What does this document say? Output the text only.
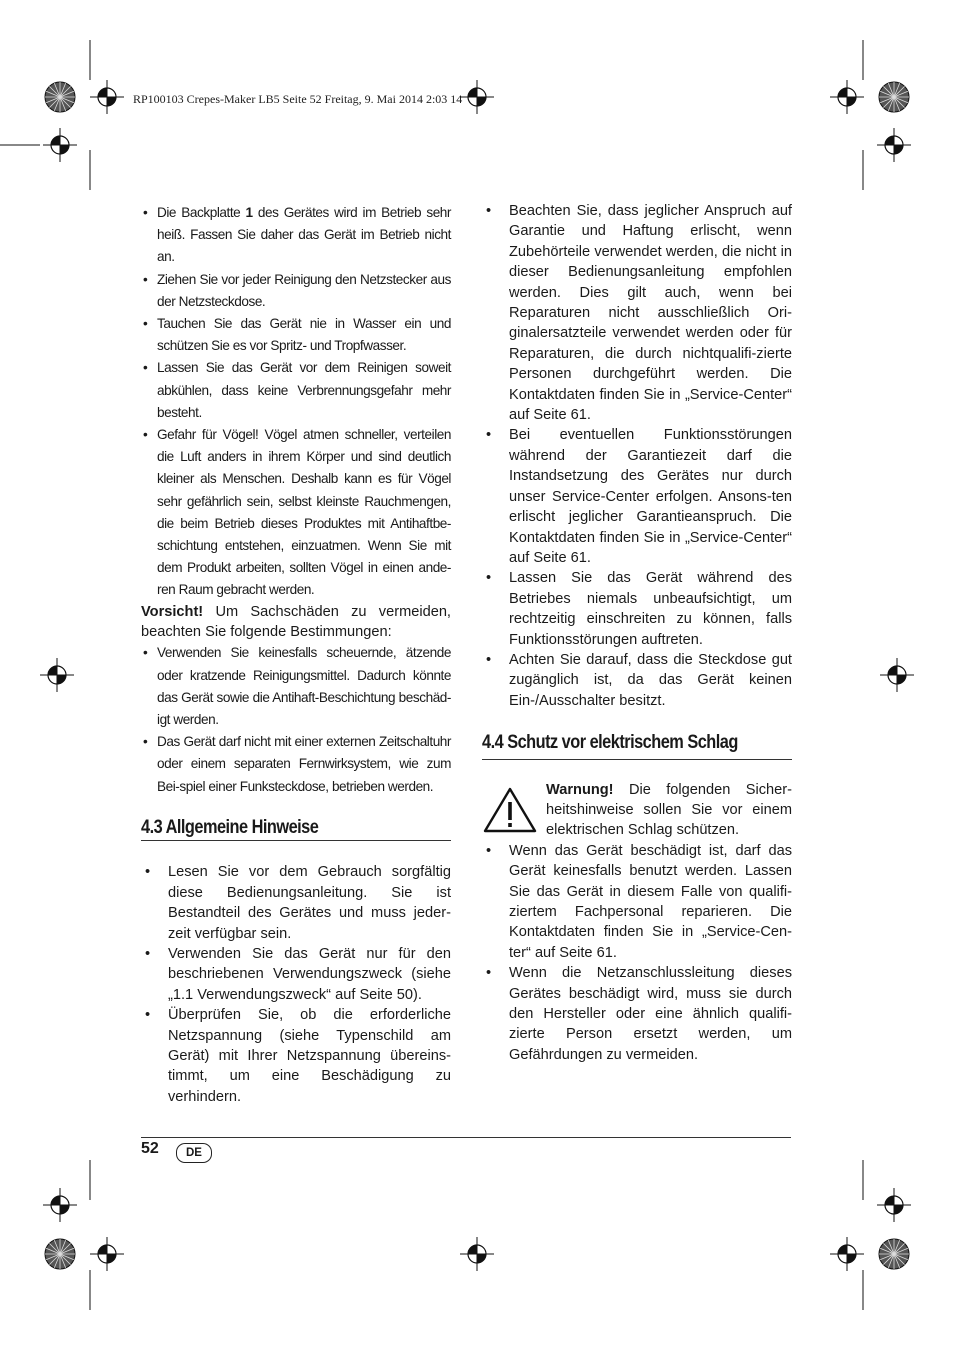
RP100103 Crepes-Maker LB5 Seite 52 Freitag, 9. Mai 2014 2:03 14
• Die Backplatte 1 des Gerätes wird im Betrieb sehr heiß. Fassen Sie daher das Gerät im Betrieb nicht an.
• Ziehen Sie vor jeder Reinigung den Netzstecker aus der Netzsteckdose.
• Tauchen Sie das Gerät nie in Wasser ein und schützen Sie es vor Spritz- und Tropfwasser.
• Lassen Sie das Gerät vor dem Reinigen soweit abkühlen, dass keine Verbrennungsgefahr mehr besteht.
• Gefahr für Vögel! Vögel atmen schneller, verteilen die Luft anders in ihrem Körper und sind deutlich kleiner als Menschen. Deshalb kann es für Vögel sehr gefährlich sein, selbst kleinste Rauchmengen, die beim Betrieb dieses Produktes mit Antihaftbe-schichtung entstehen, einzuatmen. Wenn Sie mit dem Produkt arbeiten, sollten Vögel in einen ande-ren Raum gebracht werden.

Vorsicht! Um Sachschäden zu vermeiden, beachten Sie folgende Bestimmungen:

• Verwenden Sie keinesfalls scheuernde, ätzende oder kratzende Reinigungsmittel. Dadurch könnte das Gerät sowie die Antihaft-Beschichtung beschäd-igt werden.
• Das Gerät darf nicht mit einer externen Zeitschaltuhr oder einem separaten Fernwirksystem, wie zum Bei-spiel einer Funksteckdose, betrieben werden.
4.3 Allgemeine Hinweise
• Lesen Sie vor dem Gebrauch sorgfältig diese Bedienungsanleitung. Sie ist Bestandteil des Gerätes und muss jeder-zeit verfügbar sein.
• Verwenden Sie das Gerät nur für den beschriebenen Verwendungszweck (siehe „1.1 Verwendungszweck“ auf Seite 50).
• Überprüfen Sie, ob die erforderliche Netzspannung (siehe Typenschild am Gerät) mit Ihrer Netzspannung übereins-timmt, um eine Beschädigung zu verhindern.
• Beachten Sie, dass jeglicher Anspruch auf Garantie und Haftung erlischt, wenn Zubehörteile verwendet werden, die nicht in dieser Bedienungsanleitung empfohlen werden. Dies gilt auch, wenn bei Reparaturen nicht ausschließlich Ori-ginalersatzteile verwendet werden oder für Reparaturen, die durch nichtqualifi-zierte Personen durchgeführt werden. Die Kontaktdaten finden Sie in „Service-Center“ auf Seite 61.
• Bei eventuellen Funktionsstörungen während der Garantiezeit darf die Instandsetzung des Gerätes nur durch unser Service-Center erfolgen. Ansons-ten erlischt jeglicher Garantieanspruch. Die Kontaktdaten finden Sie in „Service-Center“ auf Seite 61.
• Lassen Sie das Gerät während des Betriebes niemals unbeaufsichtigt, um rechtzeitig einschreiten zu können, falls Funktionsstörungen auftreten.
• Achten Sie darauf, dass die Steckdose gut zugänglich ist, da das Gerät keinen Ein-/Ausschalter besitzt.
4.4 Schutz vor elektrischem Schlag
Warnung! Die folgenden Sicher-heitshinweise sollen Sie vor einem elektrischen Schlag schützen.
• Wenn das Gerät beschädigt ist, darf das Gerät keinesfalls benutzt werden. Lassen Sie das Gerät in diesem Falle von qualifi-ziertem Fachpersonal reparieren. Die Kontaktdaten finden Sie in „Service-Cen-ter“ auf Seite 61.
• Wenn die Netzanschlussleitung dieses Gerätes beschädigt wird, muss sie durch den Hersteller oder eine ähnlich qualifi-zierte Person ersetzt werden, um Gefährdungen zu vermeiden.
52	DE
